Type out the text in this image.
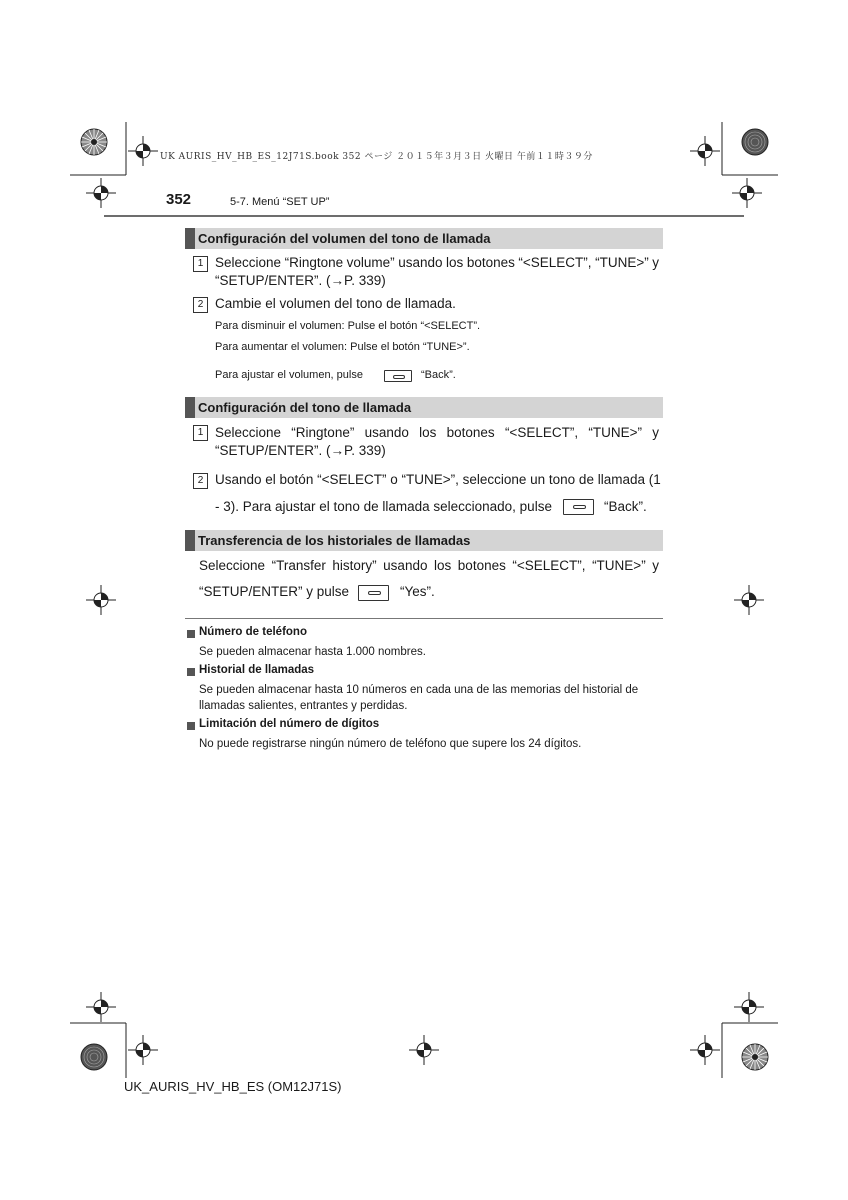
UK AURIS_HV_HB_ES_12J71S.book 352 ページ ２０１５年３月３日 火曜日 午前１１時３９分
352	5-7. Menú “SET UP”
Configuración del volumen del tono de llamada
1 Seleccione “Ringtone volume” usando los botones “<SELECT”, “TUNE>” y
“SETUP/ENTER”. (→P. 339)
2 Cambie el volumen del tono de llamada.
Para disminuir el volumen: Pulse el botón “<SELECT”.
Para aumentar el volumen: Pulse el botón “TUNE>”.
Para ajustar el volumen, pulse	“Back”.
Configuración del tono de llamada
1 Seleccione “Ringtone” usando los botones “<SELECT”, “TUNE>” y
“SETUP/ENTER”. (→P. 339)
2 Usando el botón “<SELECT” o “TUNE>”, seleccione un tono de llamada (1
- 3). Para ajustar el tono de llamada seleccionado, pulse	“Back”.
Transferencia de los historiales de llamadas
Seleccione “Transfer history” usando los botones “<SELECT”, “TUNE>” y
“SETUP/ENTER” y pulse	“Yes”.
Número de teléfono
Se pueden almacenar hasta 1.000 nombres.
Historial de llamadas
Se pueden almacenar hasta 10 números en cada una de las memorias del historial de
llamadas salientes, entrantes y perdidas.
Limitación del número de dígitos
No puede registrarse ningún número de teléfono que supere los 24 dígitos.
UK_AURIS_HV_HB_ES (OM12J71S)
